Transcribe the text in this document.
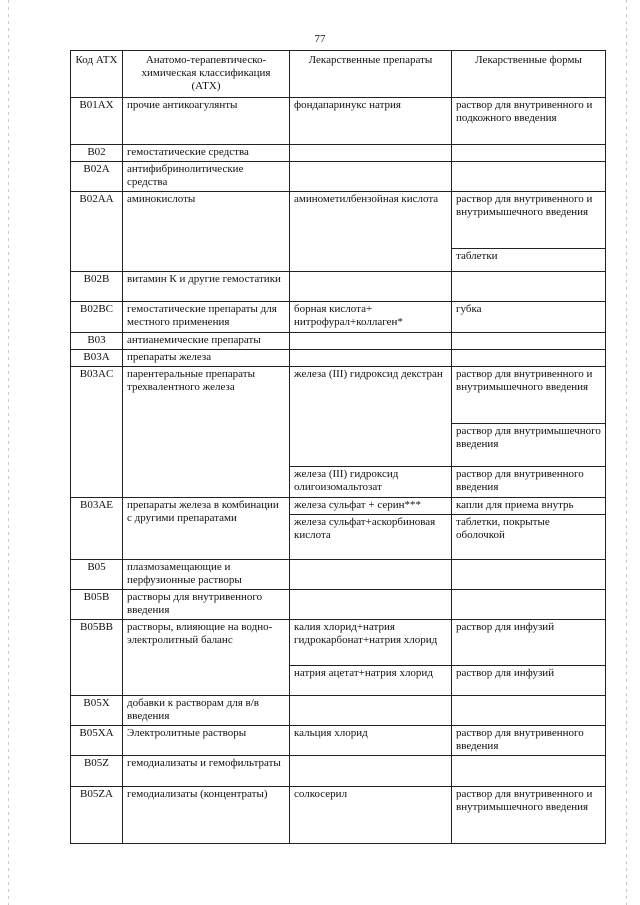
77
Код АТХ	Анатомо-терапевтическо-химическая классификация (АТХ)	Лекарственные препараты	Лекарственные формы
B01AX	прочие антикоагулянты	фондапаринукс натрия	раствор для внутривенного и подкожного введения
B02	гемостатические средства		
B02A	антифибринолитические средства		
B02AA	аминокислоты	аминометилбензойная кислота	раствор для внутривенного и внутримышечного введения
			таблетки
B02B	витамин К и другие гемостатики		
B02BC	гемостатические препараты для местного применения	борная кислота+ нитрофурал+коллаген*	губка
B03	антианемические препараты		
B03A	препараты железа		
B03AC	парентеральные препараты трехвалентного железа	железа (III) гидроксид декстран	раствор для внутривенного и внутримышечного введения
			раствор для внутримышечного введения
		железа (III) гидроксид олигоизомальтозат	раствор для внутривенного введения
B03AE	препараты железа в комбинации с другими препаратами	железа сульфат + серин***	капли для приема внутрь
		железа сульфат+аскорбиновая кислота	таблетки, покрытые оболочкой
B05	плазмозамещающие и перфузионные растворы		
B05B	растворы для внутривенного введения		
B05BB	растворы, влияющие на водно-электролитный баланс	калия хлорид+натрия гидрокарбонат+натрия хлорид	раствор для инфузий
		натрия ацетат+натрия хлорид	раствор для инфузий
B05X	добавки к растворам для в/в введения		
B05XA	Электролитные растворы	кальция хлорид	раствор для внутривенного введения
B05Z	гемодиализаты и гемофильтраты		
B05ZA	гемодиализаты (концентраты)	солкосерил	раствор для внутривенного и внутримышечного введения
